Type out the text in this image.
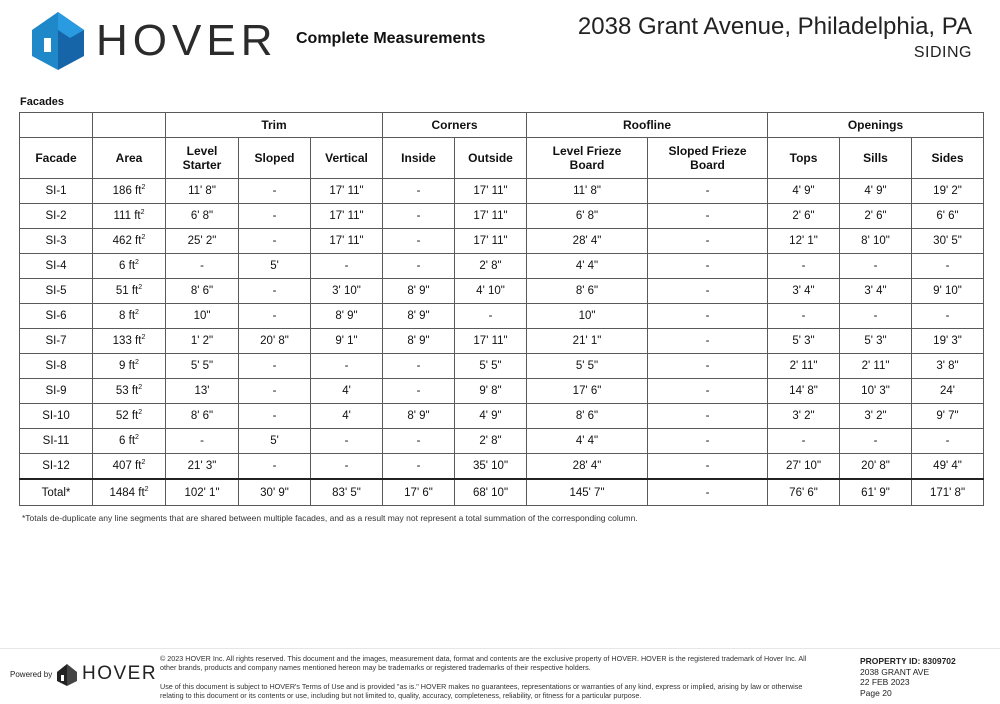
HOVER Complete Measurements	2038 Grant Avenue, Philadelphia, PA
SIDING
Facades
		Trim			Corners		Roofline		Openings		
Facade	Area	Level Starter	Sloped	Vertical	Inside	Outside	Level Frieze Board	Sloped Frieze Board	Tops	Sills	Sides
SI-1	186 $ft^2$	11' 8"	-	17' 11"	-	17' 11"	11' 8"	-	4' 9"	4' 9"	19' 2"
SI-2	111 $ft^2$	6' 8"	-	17' 11"	-	17' 11"	6' 8"	-	2' 6"	2' 6"	6' 6"
SI-3	462 $ft^2$	25' 2"	-	17' 11"	-	17' 11"	28' 4"	-	12' 1"	8' 10"	30' 5"
SI-4	6 $ft^2$	-	5'	-	-	2' 8"	4' 4"	-	-	-	-
SI-5	51 $ft^2$	8' 6"	-	3' 10"	8' 9"	4' 10"	8' 6"	-	3' 4"	3' 4"	9' 10"
SI-6	8 $ft^2$	10"	-	8' 9"	8' 9"	-	10"	-	-	-	-
SI-7	133 $ft^2$	1' 2"	20' 8"	9' 1"	8' 9"	17' 11"	21' 1"	-	5' 3"	5' 3"	19' 3"
SI-8	9 $ft^2$	5' 5"	-	-	-	5' 5"	5' 5"	-	2' 11"	2' 11"	3' 8"
SI-9	53 $ft^2$	13'	-	4'	-	9' 8"	17' 6"	-	14' 8"	10' 3"	24'
SI-10	52 $ft^2$	8' 6"	-	4'	8' 9"	4' 9"	8' 6"	-	3' 2"	3' 2"	9' 7"
SI-11	6 $ft^2$	-	5'	-	-	2' 8"	4' 4"	-	-	-	-
SI-12	407 $ft^2$	21' 3"	-	-	-	35' 10"	28' 4"	-	27' 10"	20' 8"	49' 4"
Total*	1484 $ft^2$	102' 1"	30' 9"	83' 5"	17' 6"	68' 10"	145' 7"	-	76' 6"	61' 9"	171' 8"
*Totals de-duplicate any line segments that are shared between multiple facades, and as a result may not represent a total summation of the corresponding column.
Powered by HOVER
© 2023 HOVER Inc. All rights reserved. This document and the images, measurement data, format and contents are the exclusive property of HOVER. HOVER is the registered trademark of Hover Inc. All other brands, products and company names mentioned hereon may be trademarks or registered trademarks of their respective holders.
Use of this document is subject to HOVER's Terms of Use and is provided "as is." HOVER makes no guarantees, representations or warranties of any kind, express or implied, arising by law or otherwise relating to this document or its contents or use, including but not limited to, quality, accuracy, completeness, reliability, or fitness for a particular purpose.
PROPERTY ID: 8309702
2038 GRANT AVE
22 FEB 2023
Page 20
